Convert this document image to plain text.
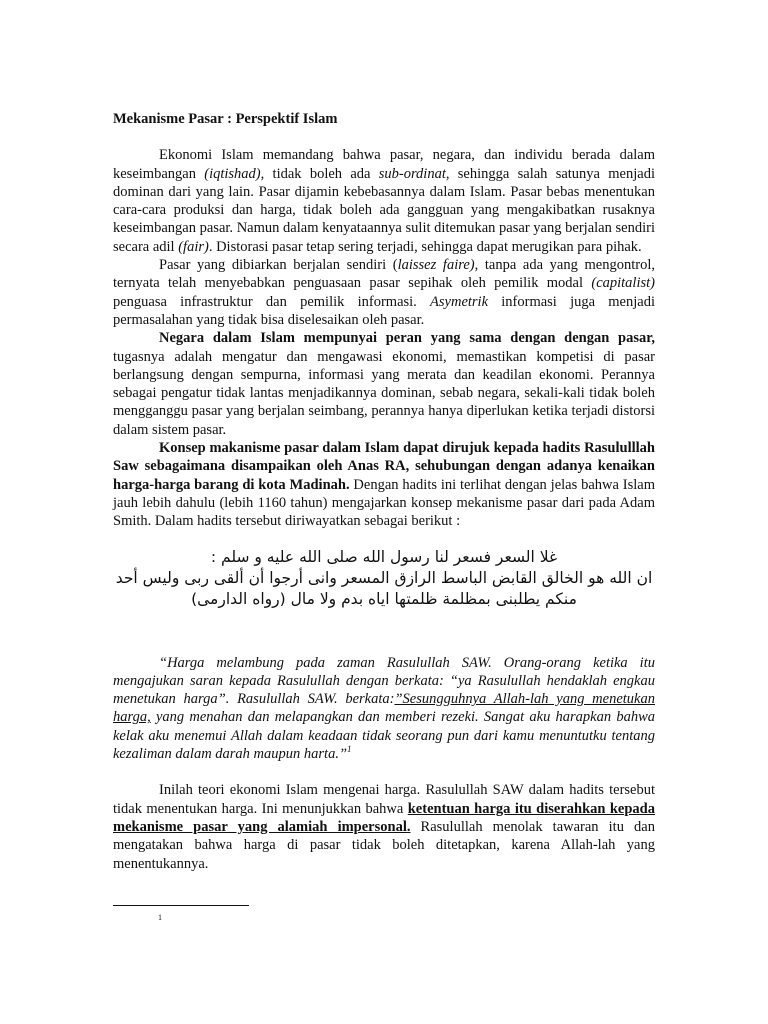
Mekanisme Pasar : Perspektif Islam

Ekonomi Islam memandang bahwa pasar, negara, dan individu berada dalam keseimbangan (iqtishad), tidak boleh ada sub-ordinat, sehingga salah satunya menjadi dominan dari yang lain. Pasar dijamin kebebasannya dalam Islam. Pasar bebas menentukan cara-cara produksi dan harga, tidak boleh ada gangguan yang mengakibatkan rusaknya keseimbangan pasar. Namun dalam kenyataannya sulit ditemukan pasar yang berjalan sendiri secara adil (fair). Distorasi pasar tetap sering terjadi, sehingga dapat merugikan para pihak.

Pasar yang dibiarkan berjalan sendiri (laissez faire), tanpa ada yang mengontrol, ternyata telah menyebabkan penguasaan pasar sepihak oleh pemilik modal (capitalist) penguasa infrastruktur dan pemilik informasi. Asymetrik informasi juga menjadi permasalahan yang tidak bisa diselesaikan oleh pasar.

Negara dalam Islam mempunyai peran yang sama dengan dengan pasar, tugasnya adalah mengatur dan mengawasi ekonomi, memastikan kompetisi di pasar berlangsung dengan sempurna, informasi yang merata dan keadilan ekonomi. Perannya sebagai pengatur tidak lantas menjadikannya dominan, sebab negara, sekali-kali tidak boleh mengganggu pasar yang berjalan seimbang, perannya hanya diperlukan ketika terjadi distorsi dalam sistem pasar.

Konsep makanisme pasar dalam Islam dapat dirujuk kepada hadits Rasululllah Saw sebagaimana disampaikan oleh Anas RA, sehubungan dengan adanya kenaikan harga-harga barang di kota Madinah. Dengan hadits ini terlihat dengan jelas bahwa Islam jauh lebih dahulu (lebih 1160 tahun) mengajarkan konsep mekanisme pasar dari pada Adam Smith. Dalam hadits tersebut diriwayatkan sebagai berikut :

غلا السعر فسعر لنا رسول الله صلى الله عليه و سلم :
ان الله هو الخالق القابض الباسط الرازق المسعر وانى أرجوا أن ألقى ربى وليس أحد
منكم يطلبنى بمظلمة ظلمتها اياه بدم ولا مال (رواه الدارمى)

“Harga melambung pada zaman Rasulullah SAW. Orang-orang ketika itu mengajukan saran kepada Rasulullah dengan berkata: “ya Rasulullah hendaklah engkau menetukan harga”. Rasulullah SAW. berkata:”Sesungguhnya Allah-lah yang menetukan harga, yang menahan dan melapangkan dan memberi rezeki. Sangat aku harapkan bahwa kelak aku menemui Allah dalam keadaan tidak seorang pun dari kamu menuntutku tentang kezaliman dalam darah maupun harta.”$^1$

Inilah teori ekonomi Islam mengenai harga. Rasulullah SAW dalam hadits tersebut tidak menentukan harga. Ini menunjukkan bahwa ketentuan harga itu diserahkan kepada mekanisme pasar yang alamiah impersonal. Rasulullah menolak tawaran itu dan mengatakan bahwa harga di pasar tidak boleh ditetapkan, karena Allah-lah yang menentukannya.

1
